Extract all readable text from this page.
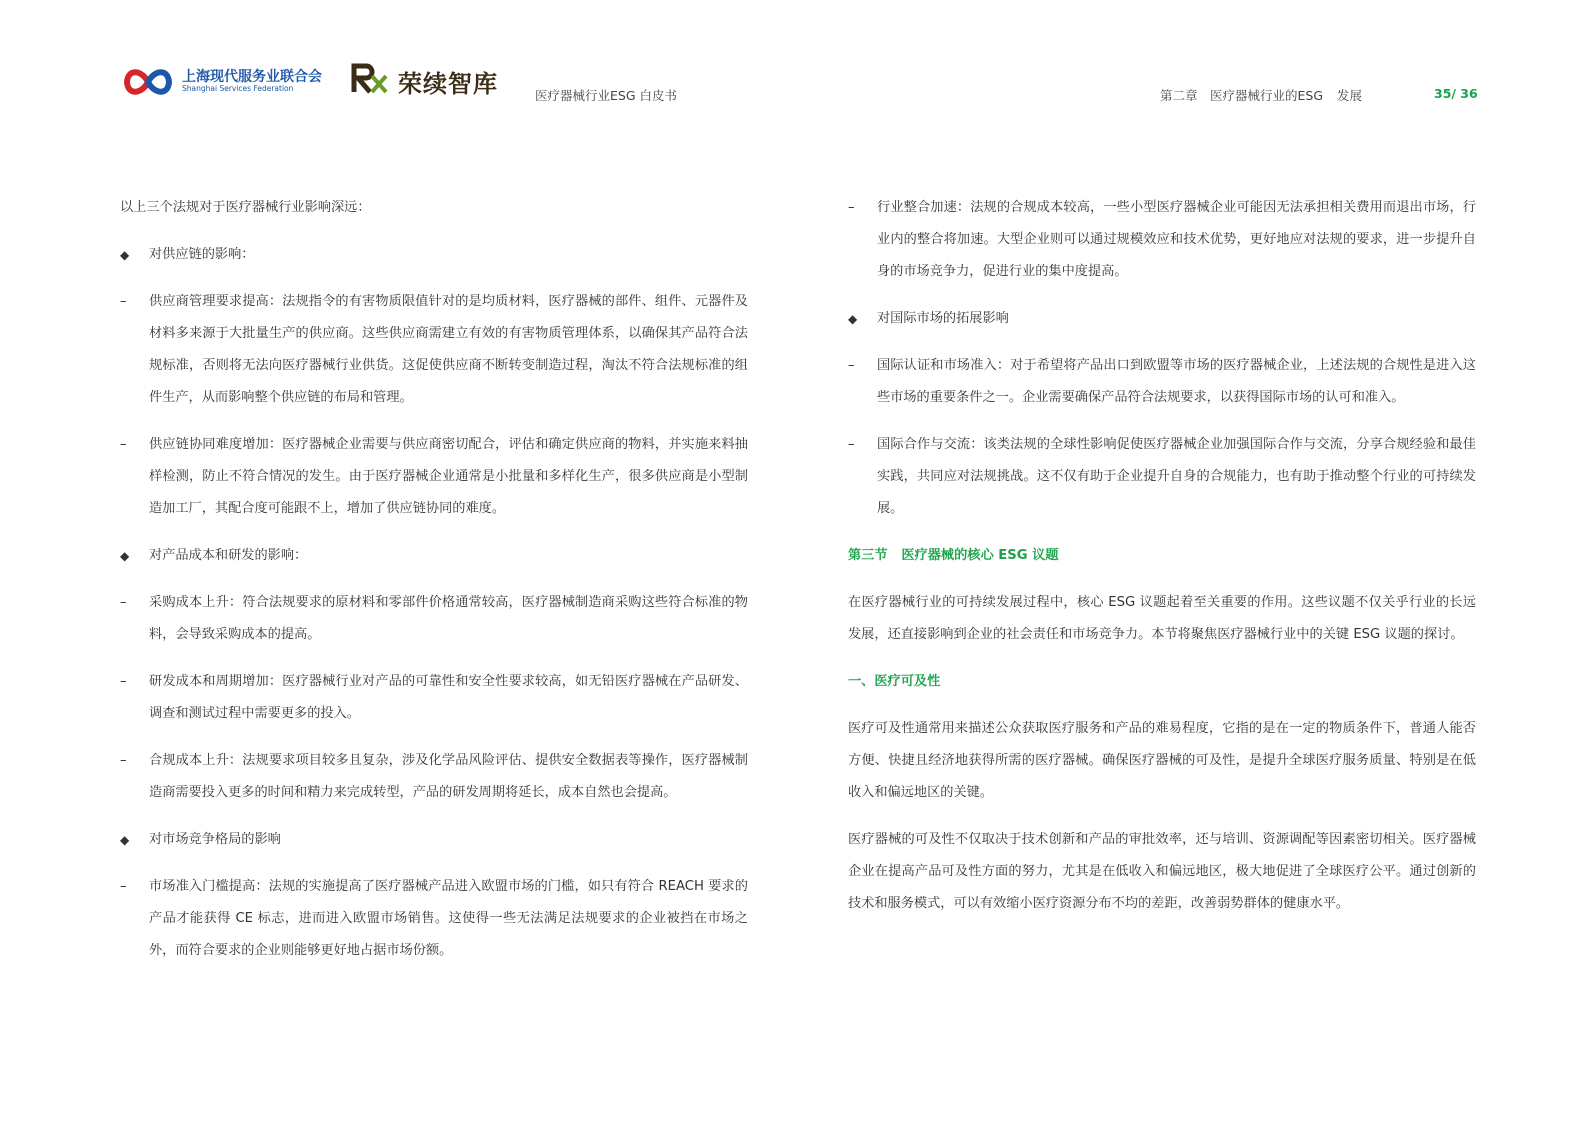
上海现代服务业联合会
Shanghai Services Federation	荣续智库	医疗器械行业ESG 白皮书	第二章　医疗器械行业的ESG 发展	35/ 36

以上三个法规对于医疗器械行业影响深远：

◆	对供应链的影响：
–	供应商管理要求提高：法规指令的有害物质限值针对的是均质材料，医疗器械的部件、组件、元器件及材料多来源于大批量生产的供应商。这些供应商需建立有效的有害物质管理体系，以确保其产品符合法规标准，否则将无法向医疗器械行业供货。这促使供应商不断转变制造过程，淘汰不符合法规标准的组件生产，从而影响整个供应链的布局和管理。
–	供应链协同难度增加：医疗器械企业需要与供应商密切配合，评估和确定供应商的物料，并实施来料抽样检测，防止不符合情况的发生。由于医疗器械企业通常是小批量和多样化生产，很多供应商是小型制造加工厂，其配合度可能跟不上，增加了供应链协同的难度。
◆	对产品成本和研发的影响：
–	采购成本上升：符合法规要求的原材料和零部件价格通常较高，医疗器械制造商采购这些符合标准的物料，会导致采购成本的提高。
–	研发成本和周期增加：医疗器械行业对产品的可靠性和安全性要求较高，如无铅医疗器械在产品研发、调查和测试过程中需要更多的投入。
–	合规成本上升：法规要求项目较多且复杂，涉及化学品风险评估、提供安全数据表等操作，医疗器械制造商需要投入更多的时间和精力来完成转型，产品的研发周期将延长，成本自然也会提高。
◆	对市场竞争格局的影响
–	市场准入门槛提高：法规的实施提高了医疗器械产品进入欧盟市场的门槛，如只有符合 REACH 要求的产品才能获得 CE 标志，进而进入欧盟市场销售。这使得一些无法满足法规要求的企业被挡在市场之外，而符合要求的企业则能够更好地占据市场份额。
–	行业整合加速：法规的合规成本较高，一些小型医疗器械企业可能因无法承担相关费用而退出市场，行业内的整合将加速。大型企业则可以通过规模效应和技术优势，更好地应对法规的要求，进一步提升自身的市场竞争力，促进行业的集中度提高。
◆	对国际市场的拓展影响
–	国际认证和市场准入：对于希望将产品出口到欧盟等市场的医疗器械企业，上述法规的合规性是进入这些市场的重要条件之一。企业需要确保产品符合法规要求，以获得国际市场的认可和准入。
–	国际合作与交流：该类法规的全球性影响促使医疗器械企业加强国际合作与交流，分享合规经验和最佳实践，共同应对法规挑战。这不仅有助于企业提升自身的合规能力，也有助于推动整个行业的可持续发展。
第三节 医疗器械的核心 ESG 议题

在医疗器械行业的可持续发展过程中，核心 ESG 议题起着至关重要的作用。这些议题不仅关乎行业的长远发展，还直接影响到企业的社会责任和市场竞争力。本节将聚焦医疗器械行业中的关键 ESG 议题的探讨。

一、医疗可及性

医疗可及性通常用来描述公众获取医疗服务和产品的难易程度，它指的是在一定的物质条件下，普通人能否方便、快捷且经济地获得所需的医疗器械。确保医疗器械的可及性，是提升全球医疗服务质量、特别是在低收入和偏远地区的关键。

医疗器械的可及性不仅取决于技术创新和产品的审批效率，还与培训、资源调配等因素密切相关。医疗器械企业在提高产品可及性方面的努力，尤其是在低收入和偏远地区，极大地促进了全球医疗公平。通过创新的技术和服务模式，可以有效缩小医疗资源分布不均的差距，改善弱势群体的健康水平。
